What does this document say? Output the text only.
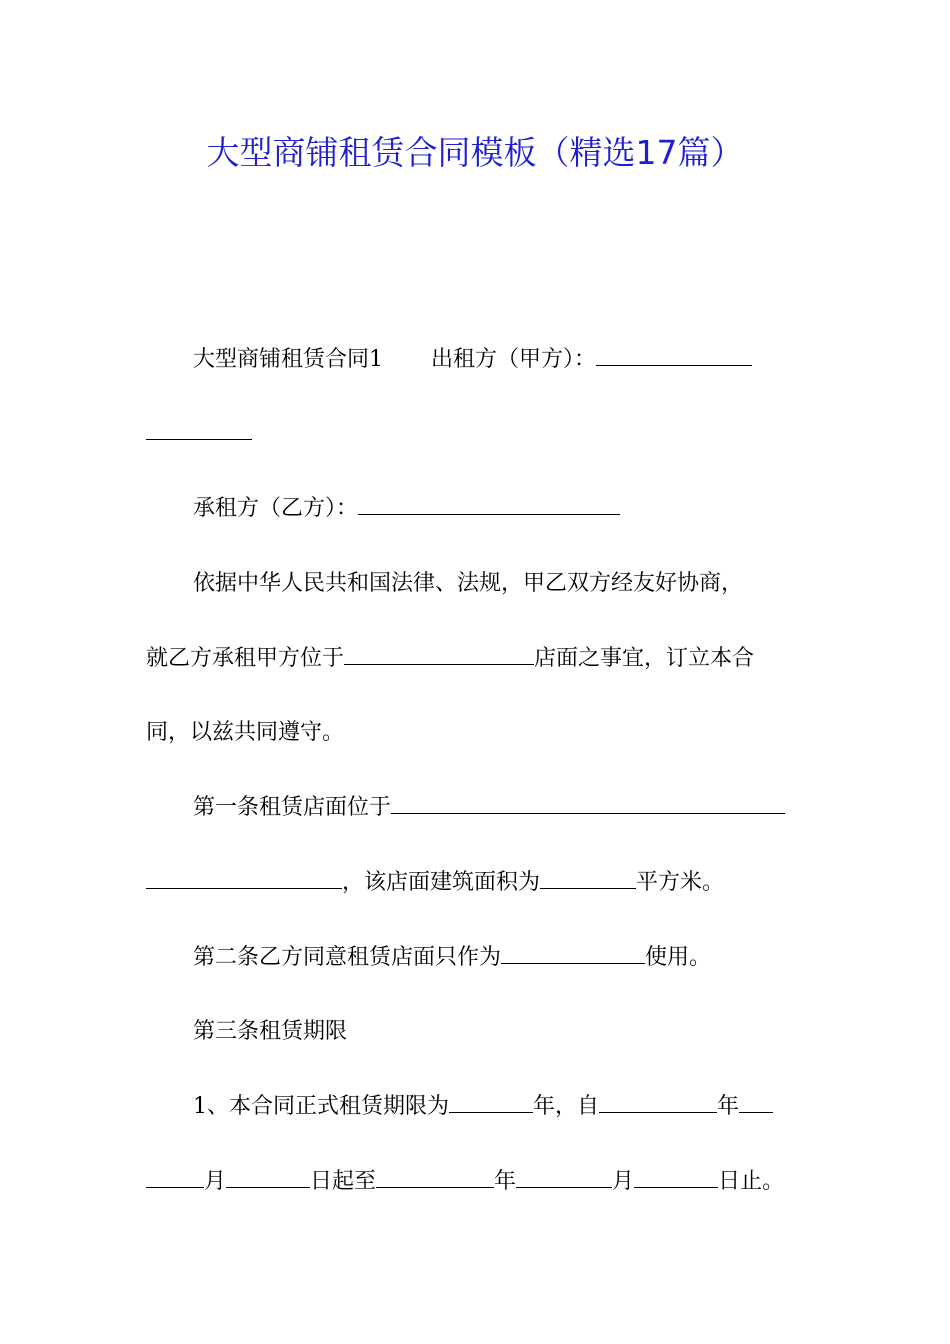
大型商铺租赁合同模板（精选17篇）
大型商铺租赁合同1 出租方（甲方）：
承租方（乙方）：
依据中华人民共和国法律、法规，甲乙双方经友好协商，
就乙方承租甲方位于	店面之事宜，订立本合
同，以兹共同遵守。
第一条租赁店面位于
，该店面建筑面积为	平方米。
第二条乙方同意租赁店面只作为	使用。
第三条租赁期限
1、本合同正式租赁期限为	年，自	年
月	日起至	年	月	日止。
